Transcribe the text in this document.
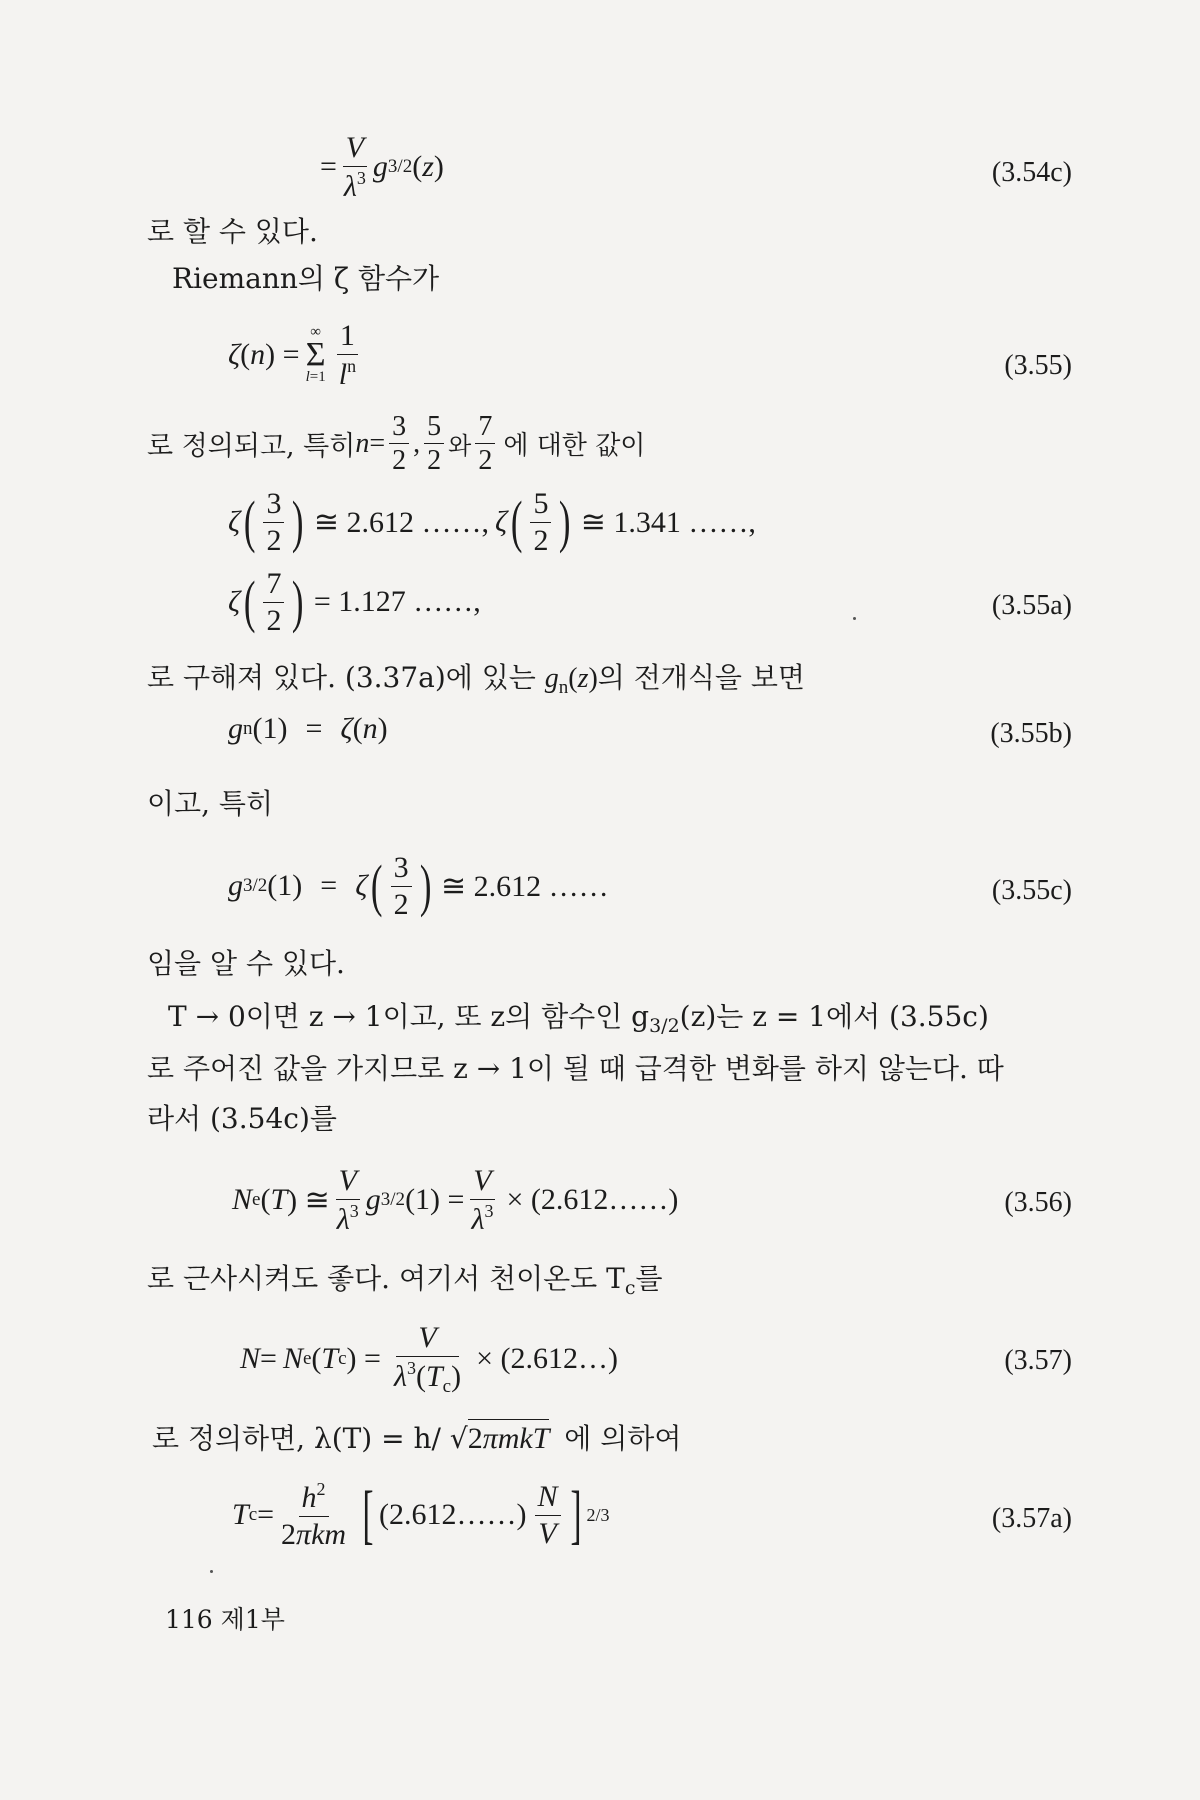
= $\frac{V}{\lambda^3}$ g 3/2 ( z )	(3.54c)
로 할 수 있다.
Riemann의 ζ 함수가
ζ ( n ) =
∞
Σ
$l=1 \frac{1}{l^n}$	(3.55)
로 정의되고, 특히 $n = \frac{3}{2}$ , $\frac{5}{2}$ 와 $\frac{7}{2}$ 에 대한 값이
ζ ( $\frac{3}{2}$ ) ≅ 2.612 ……, ζ ( $\frac{5}{2}$ ) ≅ 1.341 ……,
ζ ( $\frac{7}{2}$ ) = 1.127 ……,	(3.55a)
로 구해져 있다. (3.37a)에 있는 $g_n(z)$의 전개식을 보면
g n (1)
= ζ ( n )	(3.55b)
이고, 특히
g 3/2 (1)
= ζ ( $\frac{3}{2}$ ) ≅ 2.612 ……	(3.55c)
임을 알 수 있다.
T → 0이면 z → 1이고, 또 z의 함수인 $g_{3/2}(z)$는 z = 1에서 (3.55c)
로 주어진 값을 가지므로 z → 1이 될 때 급격한 변화를 하지 않는다. 따
라서 (3.54c)를
N e ( T ) ≅ $\frac{V}{\lambda^3}$ g 3/2 $(1) = \frac{V}{\lambda^3}$ × (2.612……)	(3.56)
로 근사시켜도 좋다. 여기서 천이온도 $T_c$를
N = N e ( T c ) = $\frac{V}{\lambda^3(T_c)}$ × (2.612…)	(3.57)
로 정의하면, λ(T) = h/ √2πmkT 에 의하여
T $c = \frac{h^2}{\text{2πkm}}$ [ (2.612……) $\frac{N}{V}$ ] 2/3	(3.57a)
116 제1부
